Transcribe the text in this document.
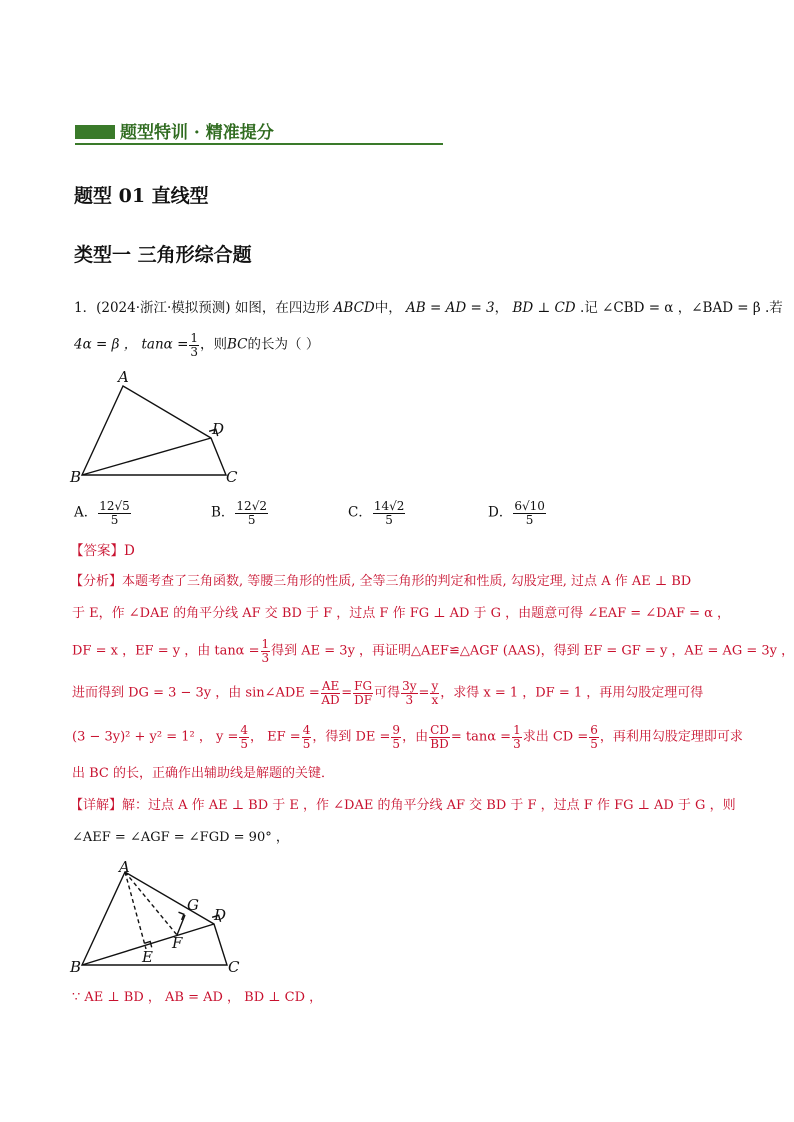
题型特训 · 精准提分
题型 01 直线型
类型一 三角形综合题
1．(2024·浙江·模拟预测) 如图，在四边形 ABCD中， AB = AD = 3， BD ⊥ CD .记 ∠CBD = α ，∠BAD = β .若
4α = β ， $\tan\alpha = \frac{1}{3}$ ，则BC的长为（ ）
A
B	C
D
A． $\frac{12√5}{5}$	B． $\frac{12√2}{5}$	C． $\frac{14√2}{5}$	D． $\frac{6√10}{5}$
【答案】D
【分析】本题考查了三角函数, 等腰三角形的性质, 全等三角形的判定和性质, 勾股定理, 过点 A 作 AE ⊥ BD
于 E，作 ∠DAE 的角平分线 AF 交 BD 于 F ，过点 F 作 FG ⊥ AD 于 G ，由题意可得 ∠EAF = ∠DAF = α ，
DF = x ，EF = y ，由 $\tan\alpha = \frac{1}{3}$ 得到 AE = 3y ，再证明△AEF≌△AGF (AAS)，得到 EF = GF = y ，AE = AG = 3y ，
进而得到 DG = 3 − 3y ，由 sin∠ADE = $\frac{AE}{AD} = \frac{FG}{DF}$ 可得 $\frac{3y}{3} = \frac{y}{x}$ ，求得 x = 1 ，DF = 1 ，再用勾股定理可得
(3 − 3y)² + y² = 1² ， $y = \frac{4}{5}$ ， EF = $\frac{4}{5}$ ，得到 DE = $\frac{9}{5}$ ，由 $\frac{CD}{BD} = \tan\alpha = \frac{1}{3}$ 求出 CD = $\frac{6}{5}$ ，再利用勾股定理即可求
出 BC 的长，正确作出辅助线是解题的关键．
【详解】解：过点 A 作 AE ⊥ BD 于 E ，作 ∠DAE 的角平分线 AF 交 BD 于 F ，过点 F 作 FG ⊥ AD 于 G ，则
∠AEF = ∠AGF = ∠FGD = 90° ，
A
B	C
D
E
F
G
∵ AE ⊥ BD ， AB = AD ， BD ⊥ CD ，
